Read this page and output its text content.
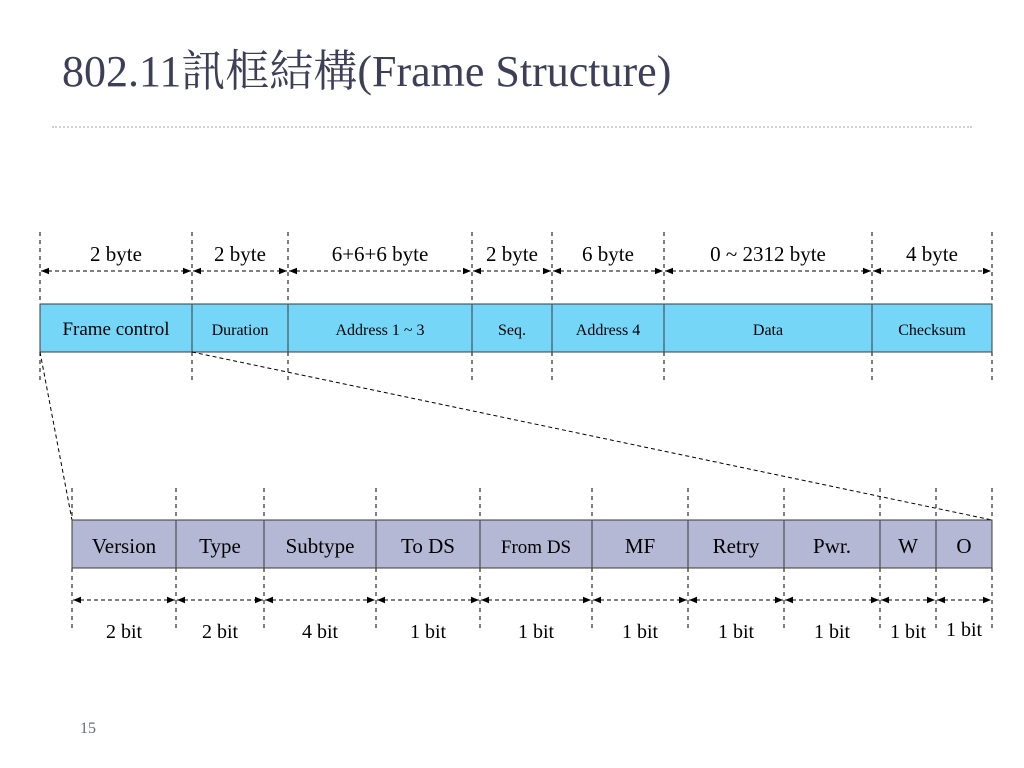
802.11訊框結構(Frame Structure)
Frame control
2 byte
Duration
2 byte
Address 1 ~ 3
6+6+6 byte
Seq.
2 byte
Address 4
6 byte
Data
0 ~ 2312 byte
Checksum
4 byte
Version
2 bit
Type
2 bit
Subtype
4 bit
To DS
1 bit
From DS
1 bit
MF
1 bit
Retry
1 bit
Pwr.
1 bit
W
1 bit
O
1 bit
15
